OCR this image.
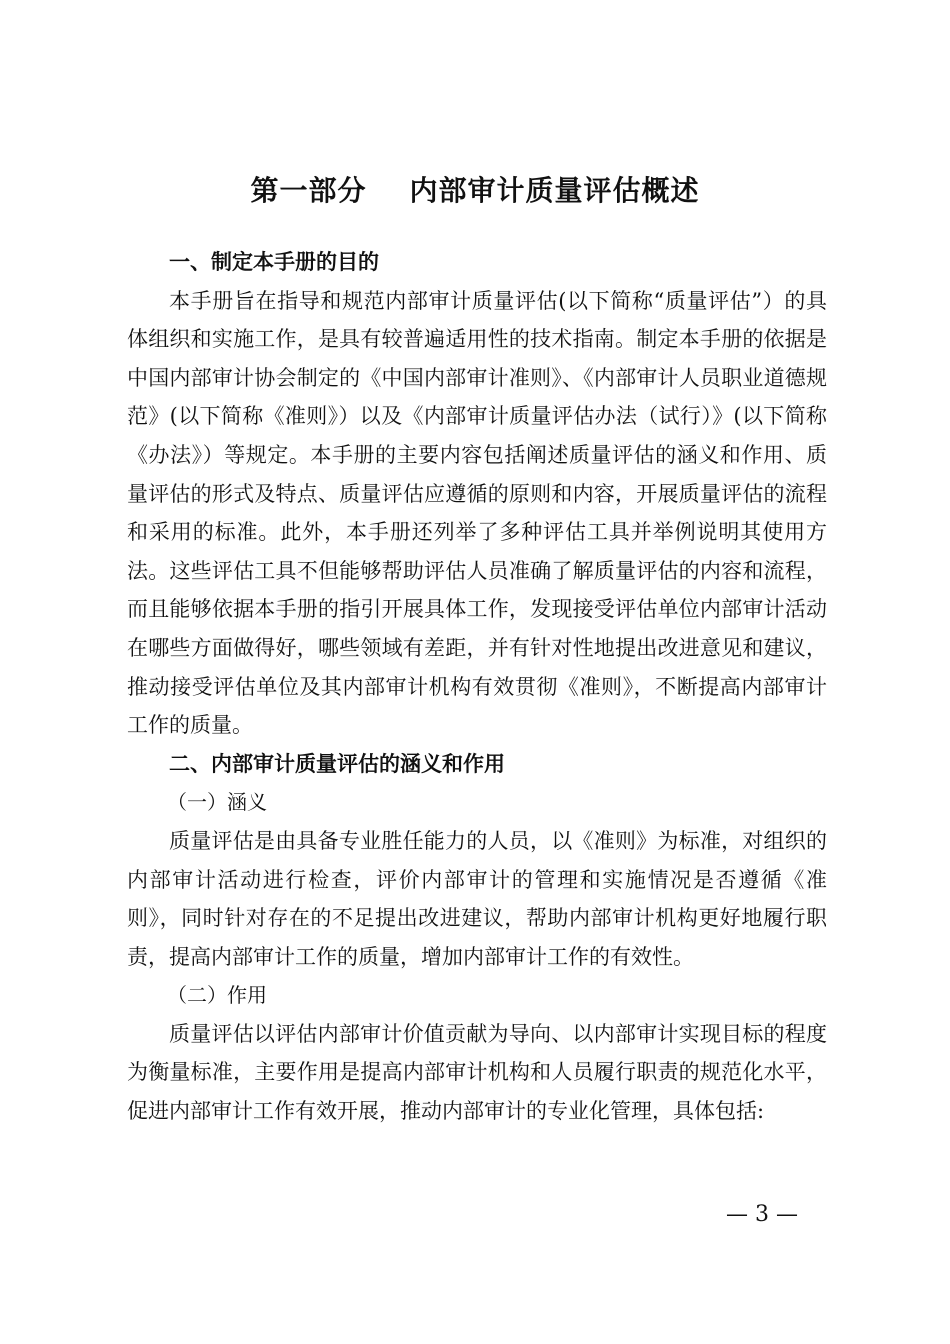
第一部分    内部审计质量评估概述

一、制定本手册的目的

本手册旨在指导和规范内部审计质量评估(以下简称“质量评估”）的具体组织和实施工作，是具有较普遍适用性的技术指南。制定本手册的依据是中国内部审计协会制定的《中国内部审计准则》、《内部审计人员职业道德规范》(以下简称《准则》）以及《内部审计质量评估办法（试行）》(以下简称《办法》）等规定。本手册的主要内容包括阐述质量评估的涵义和作用、质量评估的形式及特点、质量评估应遵循的原则和内容，开展质量评估的流程和采用的标准。此外，本手册还列举了多种评估工具并举例说明其使用方法。这些评估工具不但能够帮助评估人员准确了解质量评估的内容和流程，而且能够依据本手册的指引开展具体工作，发现接受评估单位内部审计活动在哪些方面做得好，哪些领域有差距，并有针对性地提出改进意见和建议，推动接受评估单位及其内部审计机构有效贯彻《准则》，不断提高内部审计工作的质量。

二、内部审计质量评估的涵义和作用

（一）涵义

质量评估是由具备专业胜任能力的人员，以《准则》为标准，对组织的内部审计活动进行检查，评价内部审计的管理和实施情况是否遵循《准则》，同时针对存在的不足提出改进建议，帮助内部审计机构更好地履行职责，提高内部审计工作的质量，增加内部审计工作的有效性。

（二）作用

质量评估以评估内部审计价值贡献为导向、以内部审计实现目标的程度为衡量标准，主要作用是提高内部审计机构和人员履行职责的规范化水平，促进内部审计工作有效开展，推动内部审计的专业化管理，具体包括:

— 3 —
